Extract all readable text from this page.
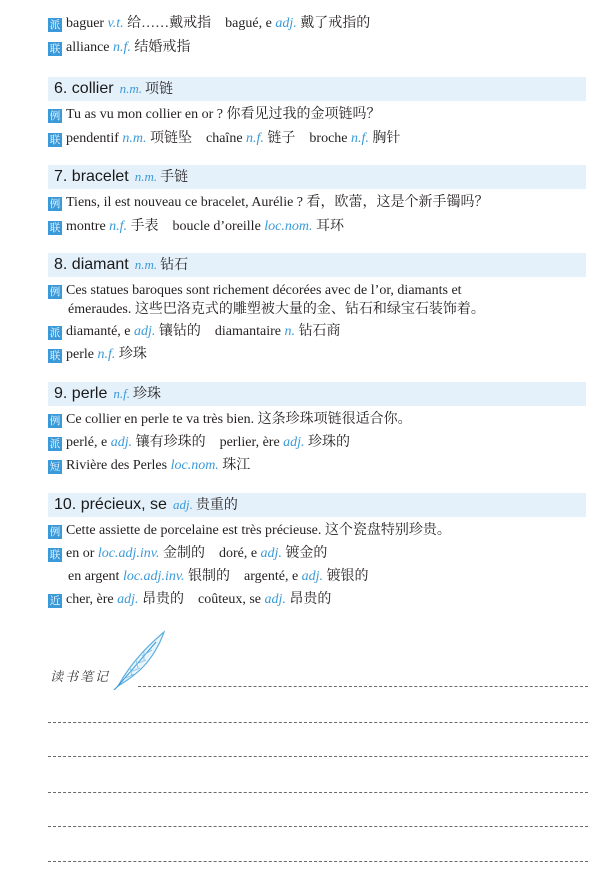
派 baguer v.t. 给……戴戒指 bagué, e adj. 戴了戒指的
联 alliance n.f. 结婚戒指
6. collier n.m. 项链
例 Tu as vu mon collier en or ? 你看见过我的金项链吗？
联 pendentif n.m. 项链坠 chaîne n.f. 链子 broche n.f. 胸针
7. bracelet n.m. 手链
例 Tiens, il est nouveau ce bracelet, Aurélie ? 看，欧蕾，这是个新手镯吗？
联 montre n.f. 手表 boucle d’oreille loc.nom. 耳环
8. diamant n.m. 钻石
例 Ces statues baroques sont richement décorées avec de l’or, diamants et
émeraudes. 这些巴洛克式的雕塑被大量的金、钻石和绿宝石装饰着。
派 diamanté, e adj. 镶钻的 diamantaire n. 钻石商
联 perle n.f. 珍珠
9. perle n.f. 珍珠
例 Ce collier en perle te va très bien. 这条珍珠项链很适合你。
派 perlé, e adj. 镶有珍珠的 perlier, ère adj. 珍珠的
短 Rivière des Perles loc.nom. 珠江
10. précieux, se adj. 贵重的
例 Cette assiette de porcelaine est très précieuse. 这个瓷盘特别珍贵。
联 en or loc.adj.inv. 金制的 doré, e adj. 镀金的
en argent loc.adj.inv. 银制的 argenté, e adj. 镀银的
近 cher, ère adj. 昂贵的 coûteux, se adj. 昂贵的
读书笔记
